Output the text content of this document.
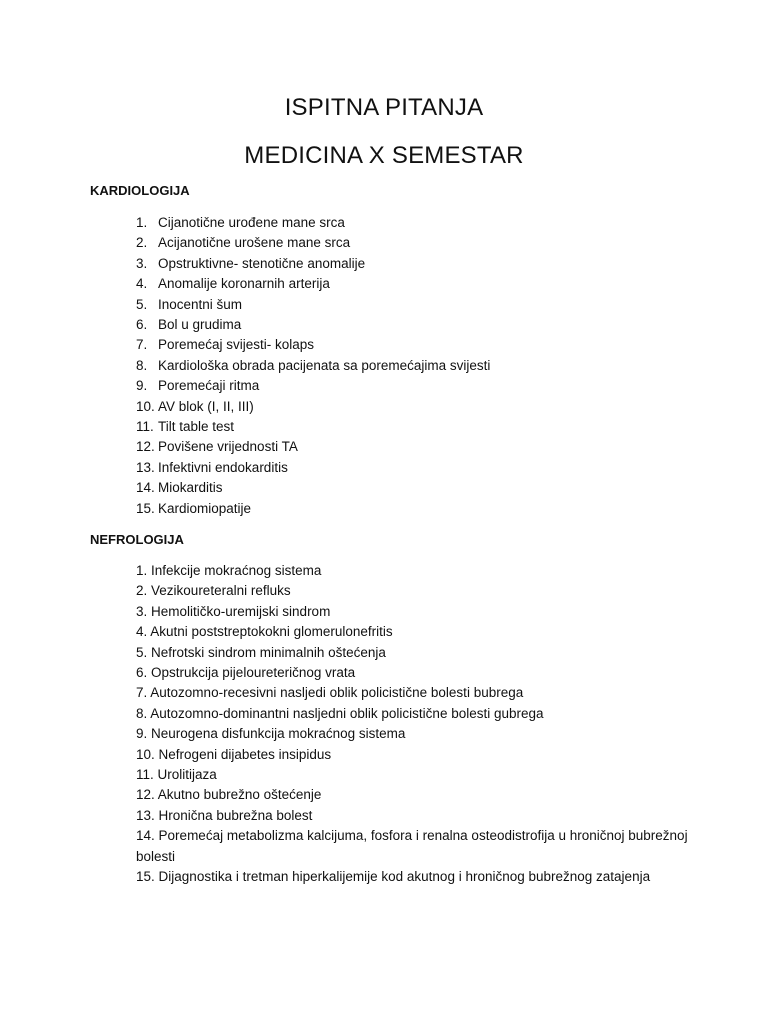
ISPITNA PITANJA
MEDICINA X SEMESTAR
KARDIOLOGIJA
1. Cijanotične urođene mane srca
2. Acijanotične urošene mane srca
3. Opstruktivne- stenotične anomalije
4. Anomalije koronarnih arterija
5. Inocentni šum
6. Bol u grudima
7. Poremećaj svijesti- kolaps
8. Kardiološka obrada pacijenata sa poremećajima svijesti
9. Poremećaji ritma
10. AV blok (I, II, III)
11. Tilt table test
12. Povišene vrijednosti TA
13. Infektivni endokarditis
14. Miokarditis
15. Kardiomiopatije
NEFROLOGIJA
1. Infekcije mokraćnog sistema
2. Vezikoureteralni refluks
3. Hemolitičko-uremijski sindrom
4. Akutni poststreptokokni glomerulonefritis
5. Nefrotski sindrom minimalnih oštećenja
6. Opstrukcija pijeloureteričnog vrata
7. Autozomno-recesivni nasljedi oblik policistične bolesti bubrega
8. Autozomno-dominantni nasljedni oblik policistične bolesti gubrega
9. Neurogena disfunkcija mokraćnog sistema
10. Nefrogeni dijabetes insipidus
11. Urolitijaza
12. Akutno bubrežno oštećenje
13. Hronična bubrežna bolest
14. Poremećaj metabolizma kalcijuma, fosfora i renalna osteodistrofija u hroničnoj bubrežnoj bolesti
15. Dijagnostika i tretman hiperkalijemije kod akutnog i hroničnog bubrežnog zatajenja
